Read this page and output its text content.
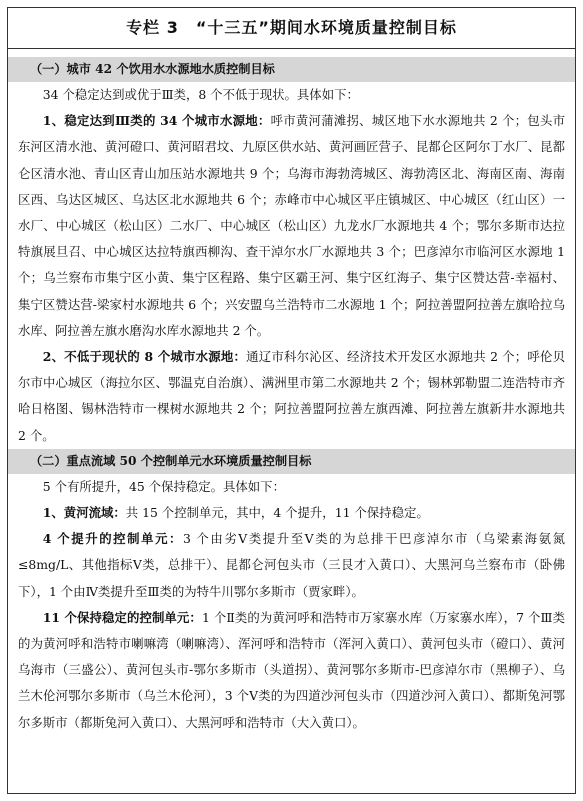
专栏 3　“十三五”期间水环境质量控制目标
（一）城市 42 个饮用水水源地水质控制目标

34 个稳定达到或优于Ⅲ类，8 个不低于现状。具体如下：

1、稳定达到Ⅲ类的 34 个城市水源地：呼市黄河蒲滩拐、城区地下水水源地共 2 个；包头市东河区清水池、黄河磴口、黄河昭君坟、九原区供水站、黄河画匠营子、昆都仑区阿尔丁水厂、昆都仑区清水池、青山区青山加压站水源地共 9 个；乌海市海勃湾城区、海勃湾区北、海南区南、海南区西、乌达区城区、乌达区北水源地共 6 个；赤峰市中心城区平庄镇城区、中心城区（红山区）一水厂、中心城区（松山区）二水厂、中心城区（松山区）九龙水厂水源地共 4 个；鄂尔多斯市达拉特旗展旦召、中心城区达拉特旗西柳沟、查干淖尔水厂水源地共 3 个；巴彦淖尔市临河区水源地 1 个；乌兰察布市集宁区小黄、集宁区程路、集宁区霸王河、集宁区红海子、集宁区赞达营-幸福村、集宁区赞达营-梁家村水源地共 6 个；兴安盟乌兰浩特市二水源地 1 个；阿拉善盟阿拉善左旗哈拉乌水库、阿拉善左旗水磨沟水库水源地共 2 个。

2、不低于现状的 8 个城市水源地：通辽市科尔沁区、经济技术开发区水源地共 2 个；呼伦贝尔市中心城区（海拉尔区、鄂温克自治旗）、满洲里市第二水源地共 2 个；锡林郭勒盟二连浩特市齐哈日格图、锡林浩特市一棵树水源地共 2 个；阿拉善盟阿拉善左旗西滩、阿拉善左旗新井水源地共 2 个。

（二）重点流域 50 个控制单元水环境质量控制目标

5 个有所提升，45 个保持稳定。具体如下：

1、黄河流域：共 15 个控制单元，其中，4 个提升，11 个保持稳定。

4 个提升的控制单元：3 个由劣Ⅴ类提升至Ⅴ类的为总排干巴彦淖尔市（乌梁素海氨氮≤8mg/L、其他指标Ⅴ类，总排干）、昆都仑河包头市（三艮才入黄口）、大黑河乌兰察布市（卧佛下），1 个由Ⅳ类提升至Ⅲ类的为特牛川鄂尔多斯市（贾家畔）。

11 个保持稳定的控制单元：1 个Ⅱ类的为黄河呼和浩特市万家寨水库（万家寨水库），7 个Ⅲ类的为黄河呼和浩特市喇嘛湾（喇嘛湾）、浑河呼和浩特市（浑河入黄口）、黄河包头市（磴口）、黄河乌海市（三盛公）、黄河包头市-鄂尔多斯市（头道拐）、黄河鄂尔多斯市-巴彦淖尔市（黑柳子）、乌兰木伦河鄂尔多斯市（乌兰木伦河），3 个Ⅴ类的为四道沙河包头市（四道沙河入黄口）、都斯兔河鄂尔多斯市（都斯兔河入黄口）、大黑河呼和浩特市（大入黄口）。
